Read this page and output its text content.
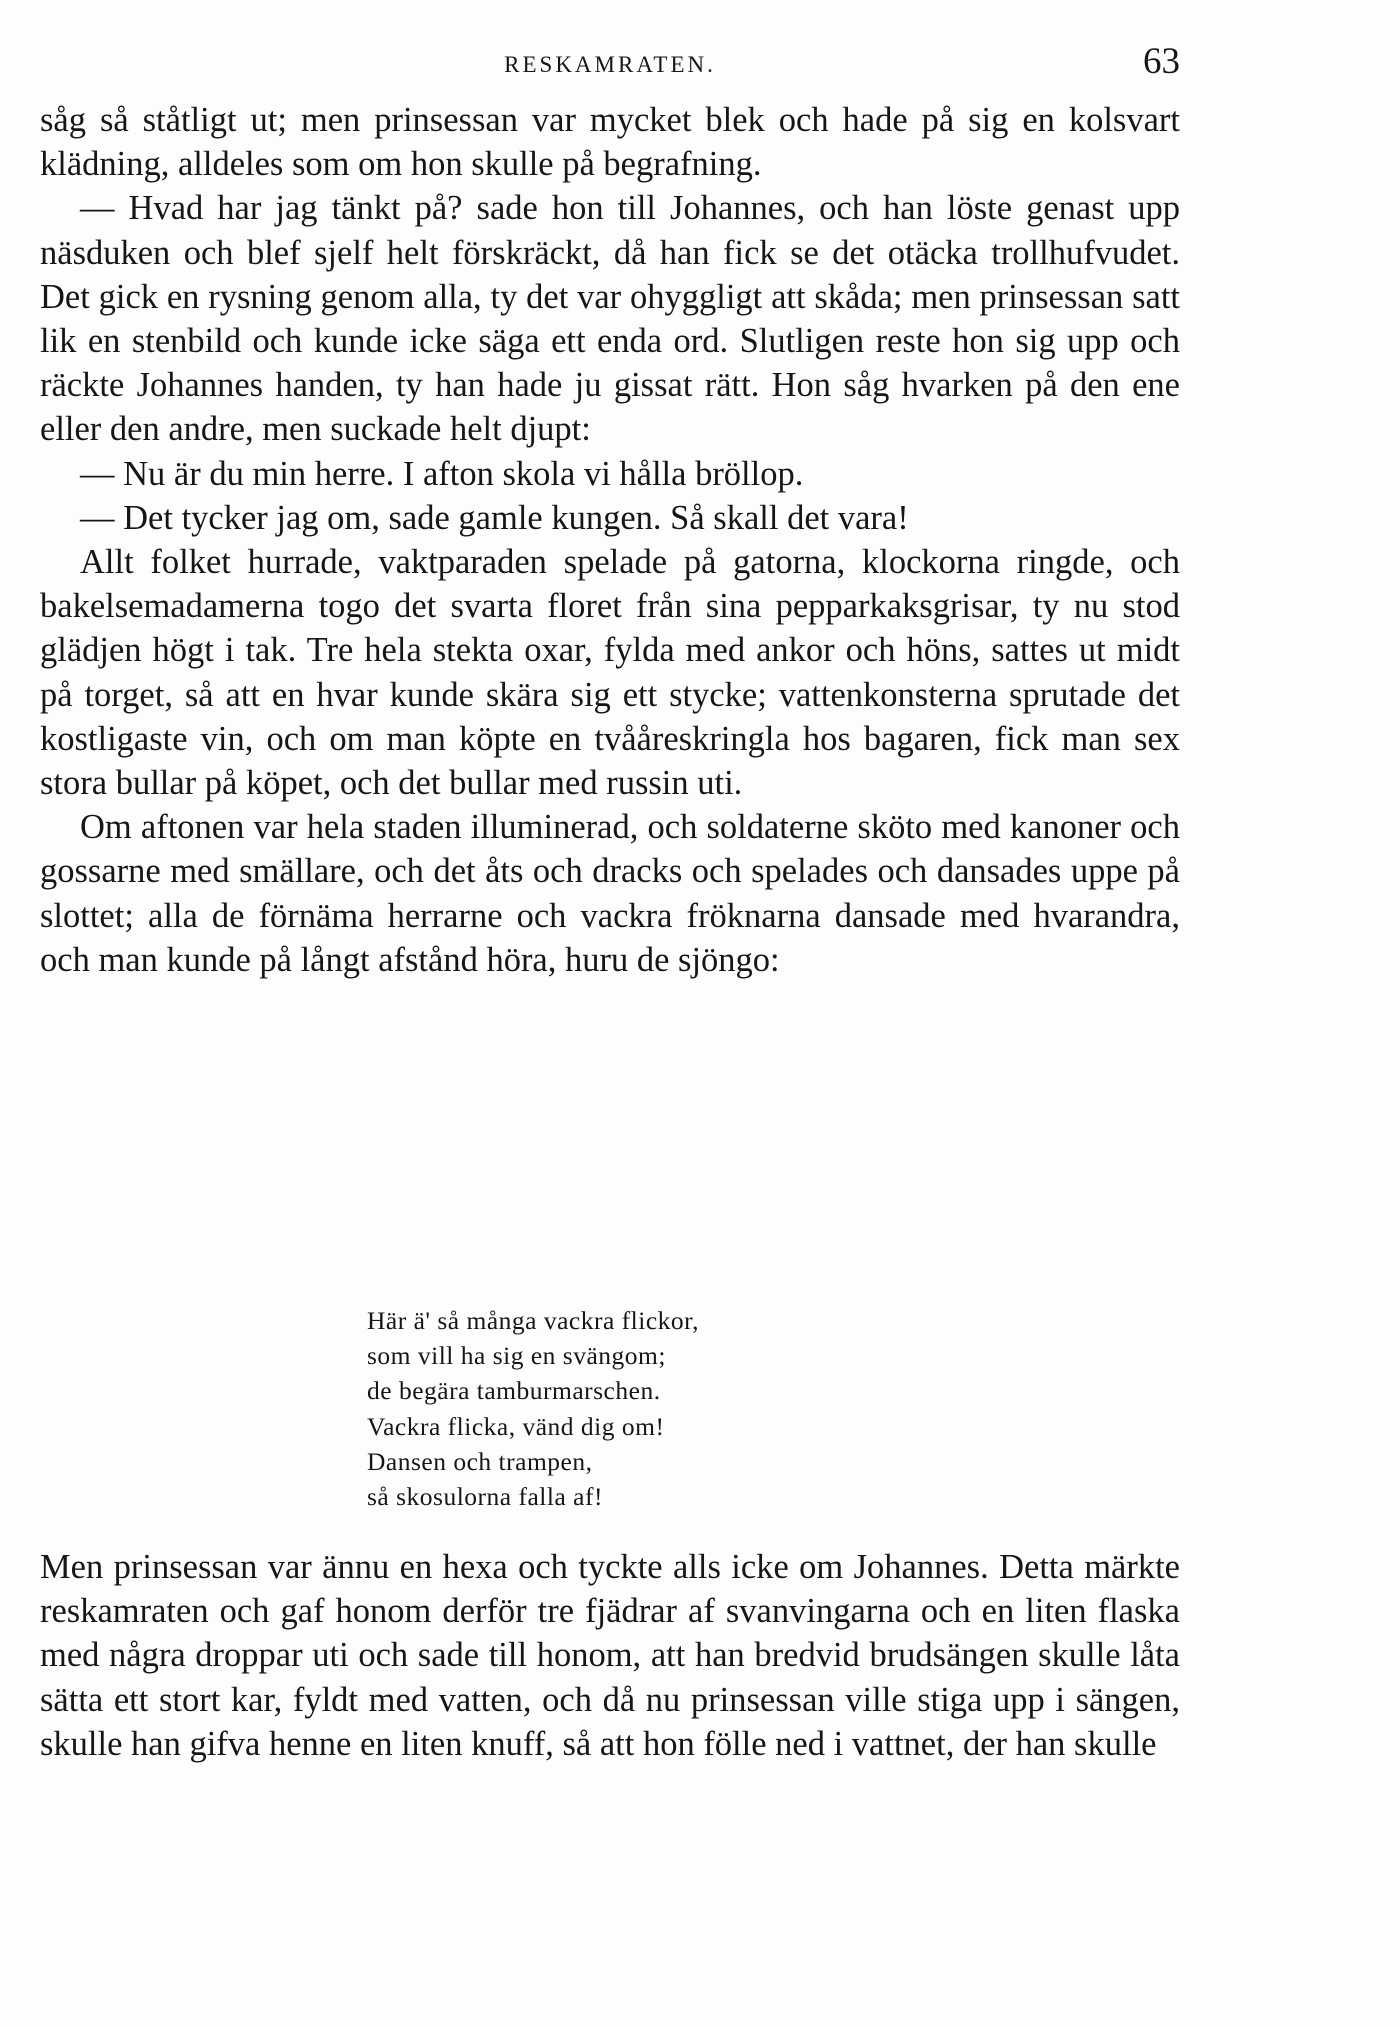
RESKAMRATEN.	63

såg så ståtligt ut; men prinsessan var mycket blek och hade på sig en kolsvart klädning, alldeles som om hon skulle på begrafning.

— Hvad har jag tänkt på? sade hon till Johannes, och han löste genast upp näsduken och blef sjelf helt förskräckt, då han fick se det otäcka trollhufvudet. Det gick en rysning genom alla, ty det var ohyggligt att skåda; men prinsessan satt lik en stenbild och kunde icke säga ett enda ord. Slutligen reste hon sig upp och räckte Johannes handen, ty han hade ju gissat rätt. Hon såg hvarken på den ene eller den andre, men suckade helt djupt:

— Nu är du min herre. I afton skola vi hålla bröllop.

— Det tycker jag om, sade gamle kungen. Så skall det vara!

Allt folket hurrade, vaktparaden spelade på gatorna, klockorna ringde, och bakelsemadamerna togo det svarta floret från sina pepparkaksgrisar, ty nu stod glädjen högt i tak. Tre hela stekta oxar, fylda med ankor och höns, sattes ut midt på torget, så att en hvar kunde skära sig ett stycke; vattenkonsterna sprutade det kostligaste vin, och om man köpte en tvååreskringla hos bagaren, fick man sex stora bullar på köpet, och det bullar med russin uti.

Om aftonen var hela staden illuminerad, och soldaterne sköto med kanoner och gossarne med smällare, och det åts och dracks och spelades och dansades uppe på slottet; alla de förnäma herrarne och vackra fröknarna dansade med hvarandra, och man kunde på långt afstånd höra, huru de sjöngo:

Här ä' så många vackra flickor,
som vill ha sig en svängom;
de begära tamburmarschen.
Vackra flicka, vänd dig om!
Dansen och trampen,
så skosulorna falla af!

Men prinsessan var ännu en hexa och tyckte alls icke om Johannes. Detta märkte reskamraten och gaf honom derför tre fjädrar af svanvingarna och en liten flaska med några droppar uti och sade till honom, att han bredvid brudsängen skulle låta sätta ett stort kar, fyldt med vatten, och då nu prinsessan ville stiga upp i sängen, skulle han gifva henne en liten knuff, så att hon fölle ned i vattnet, der han skulle
